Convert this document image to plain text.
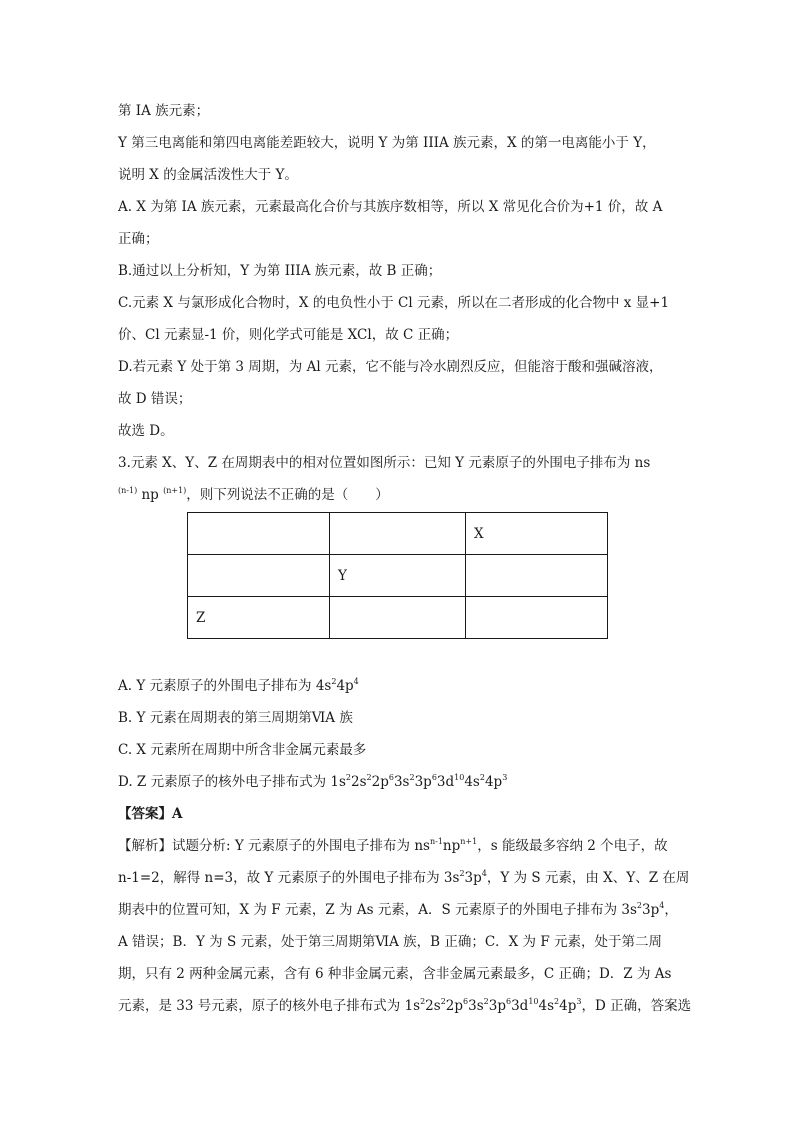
第 IA 族元素；
Y 第三电离能和第四电离能差距较大，说明 Y 为第 IIIA 族元素，X 的第一电离能小于 Y，
说明 X 的金属活泼性大于 Y。
A. X 为第 IA 族元素，元素最高化合价与其族序数相等，所以 X 常见化合价为+1 价，故 A
正确；
B.通过以上分析知，Y 为第 IIIA 族元素，故 B 正确；
C.元素 X 与氯形成化合物时，X 的电负性小于 Cl 元素，所以在二者形成的化合物中 x 显+1
价、Cl 元素显-1 价，则化学式可能是 XCl，故 C 正确；
D.若元素 Y 处于第 3 周期，为 Al 元素，它不能与冷水剧烈反应，但能溶于酸和强碱溶液，
故 D 错误；
故选 D。
3.元素 X、Y、Z 在周期表中的相对位置如图所示：已知 Y 元素原子的外围电子排布为 ns
$^{(n-1)}$ np $^{(n+1)}$，则下列说法不正确的是（　　）
		X
	Y	
Z		
A. Y 元素原子的外围电子排布为 $4s^24p^4$
B. Y 元素在周期表的第三周期第ⅥA 族
C. X 元素所在周期中所含非金属元素最多
D. Z 元素原子的核外电子排布式为 $1s^22s^22p^63s^23p^63d^{10}4s^24p^3$
【答案】A
【解析】试题分析: Y 元素原子的外围电子排布为 $ns^{n-1}np^{n+1}$，s 能级最多容纳 2 个电子，故
n-1=2，解得 n=3，故 Y 元素原子的外围电子排布为 $3s^23p^4$，Y 为 S 元素，由 X、Y、Z 在周
期表中的位置可知，X 为 F 元素，Z 为 As 元素，A．S 元素原子的外围电子排布为 $3s^23p^4$，
A 错误；B．Y 为 S 元素，处于第三周期第ⅥA 族，B 正确；C．X 为 F 元素，处于第二周
期，只有 2 两种金属元素，含有 6 种非金属元素，含非金属元素最多，C 正确；D．Z 为 As
元素，是 33 号元素，原子的核外电子排布式为 $1s^22s^22p^63s^23p^63d^{10}4s^24p^3$，D 正确，答案选
